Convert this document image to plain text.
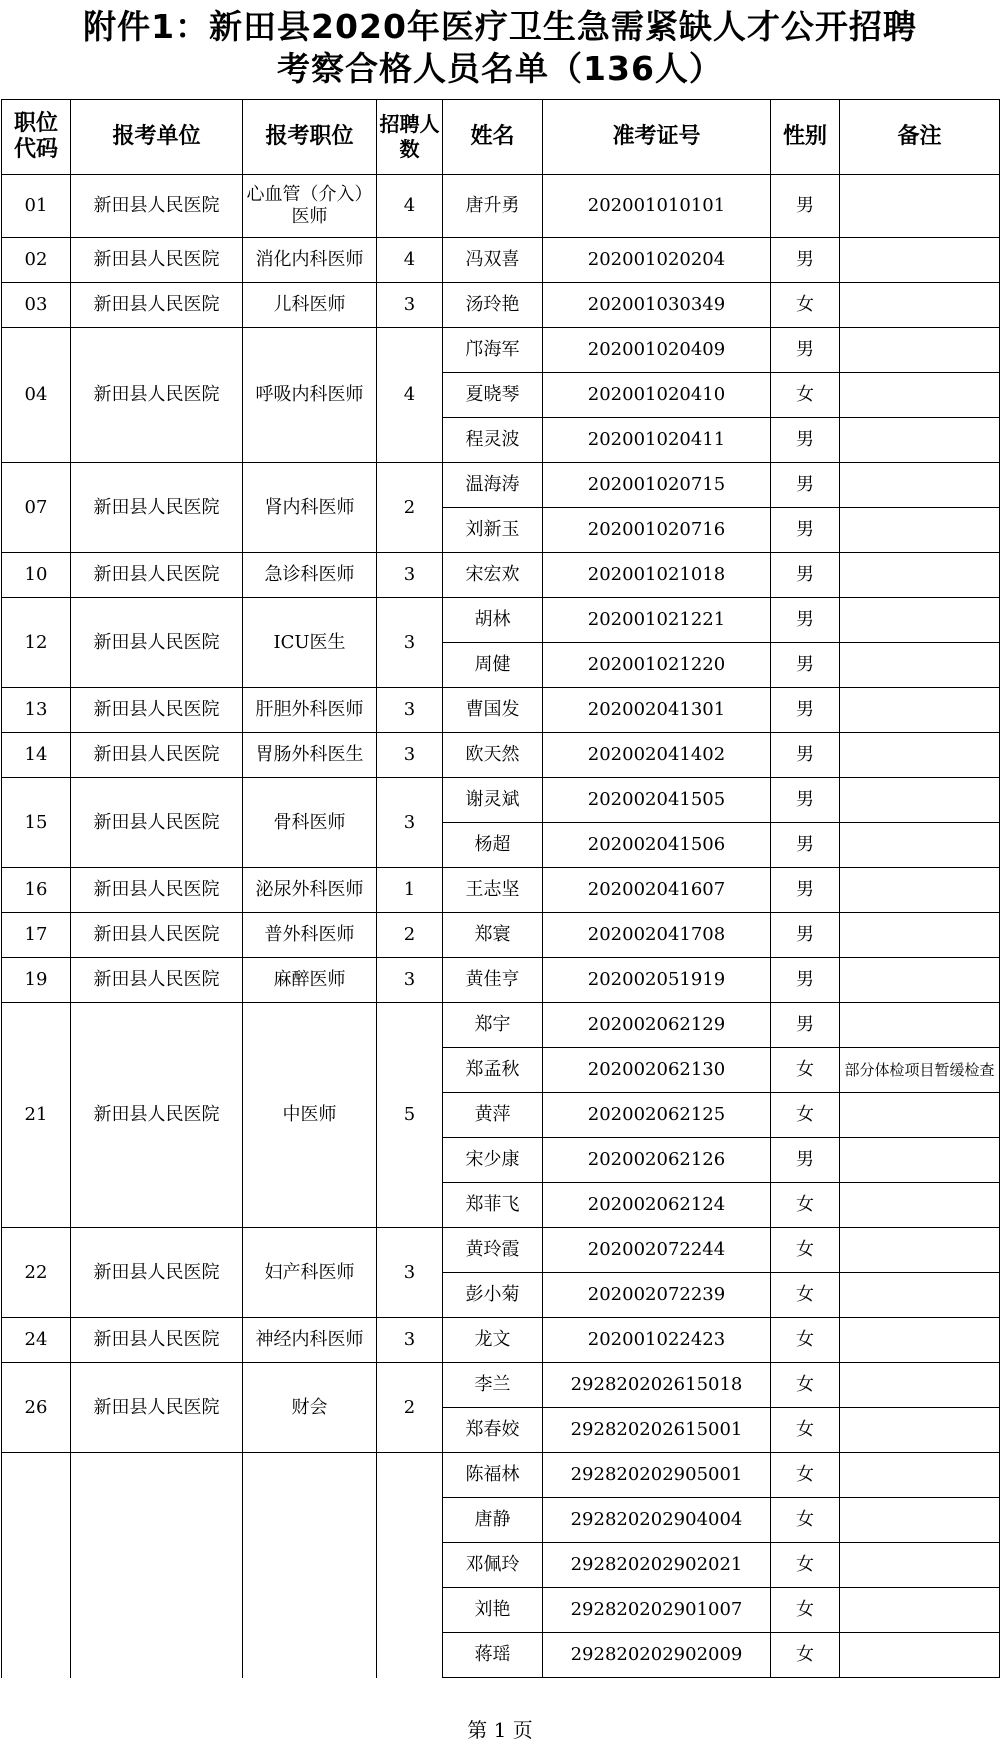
附件1：新田县2020年医疗卫生急需紧缺人才公开招聘
考察合格人员名单（136人）
职位代码	报考单位	报考职位	招聘人数	姓名	准考证号	性别	备注
01	新田县人民医院	心血管（介入）医师	4	唐升勇	202001010101	男	
02	新田县人民医院	消化内科医师	4	冯双喜	202001020204	男	
03	新田县人民医院	儿科医师	3	汤玲艳	202001030349	女	
04	新田县人民医院	呼吸内科医师	4	邝海军	202001020409	男	
				夏晓琴	202001020410	女	
				程灵波	202001020411	男	
07	新田县人民医院	肾内科医师	2	温海涛	202001020715	男	
				刘新玉	202001020716	男	
10	新田县人民医院	急诊科医师	3	宋宏欢	202001021018	男	
12	新田县人民医院	ICU医生	3	胡林	202001021221	男	
				周健	202001021220	男	
13	新田县人民医院	肝胆外科医师	3	曹国发	202002041301	男	
14	新田县人民医院	胃肠外科医生	3	欧天然	202002041402	男	
15	新田县人民医院	骨科医师	3	谢灵斌	202002041505	男	
				杨超	202002041506	男	
16	新田县人民医院	泌尿外科医师	1	王志坚	202002041607	男	
17	新田县人民医院	普外科医师	2	郑寰	202002041708	男	
19	新田县人民医院	麻醉医师	3	黄佳亨	202002051919	男	
21	新田县人民医院	中医师	5	郑宇	202002062129	男	
				郑孟秋	202002062130	女	部分体检项目暂缓检查
				黄萍	202002062125	女	
				宋少康	202002062126	男	
				郑菲飞	202002062124	女	
22	新田县人民医院	妇产科医师	3	黄玲霞	202002072244	女	
				彭小菊	202002072239	女	
24	新田县人民医院	神经内科医师	3	龙文	202001022423	女	
26	新田县人民医院	财会	2	李兰	292820202615018	女	
				郑春姣	292820202615001	女	
				陈福林	292820202905001	女	
				唐静	292820202904004	女	
				邓佩玲	292820202902021	女	
				刘艳	292820202901007	女	
				蒋瑶	292820202902009	女	
第 1 页
